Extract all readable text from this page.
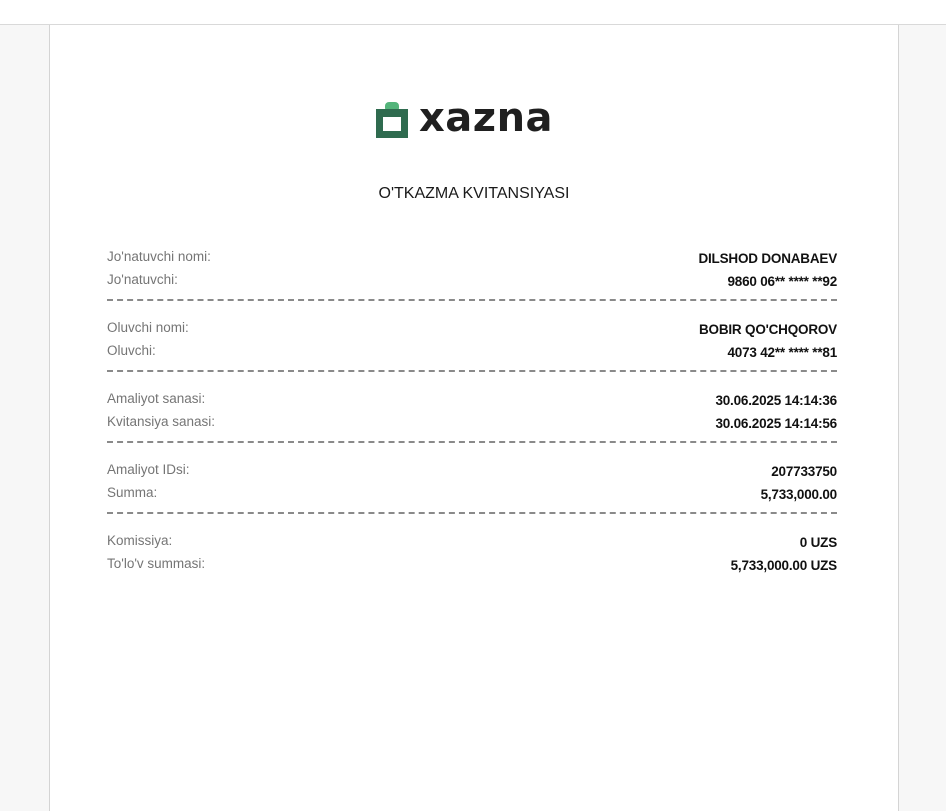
xazna
O'TKAZMA KVITANSIYASI
Jo'natuvchi nomi:	DILSHOD DONABAEV
Jo'natuvchi:	9860 06** **** **92
Oluvchi nomi:	BOBIR QO'CHQOROV
Oluvchi:	4073 42** **** **81
Amaliyot sanasi:	30.06.2025 14:14:36
Kvitansiya sanasi:	30.06.2025 14:14:56
Amaliyot IDsi:	207733750
Summa:	5,733,000.00
Komissiya:	0 UZS
To'lo'v summasi:	5,733,000.00 UZS
